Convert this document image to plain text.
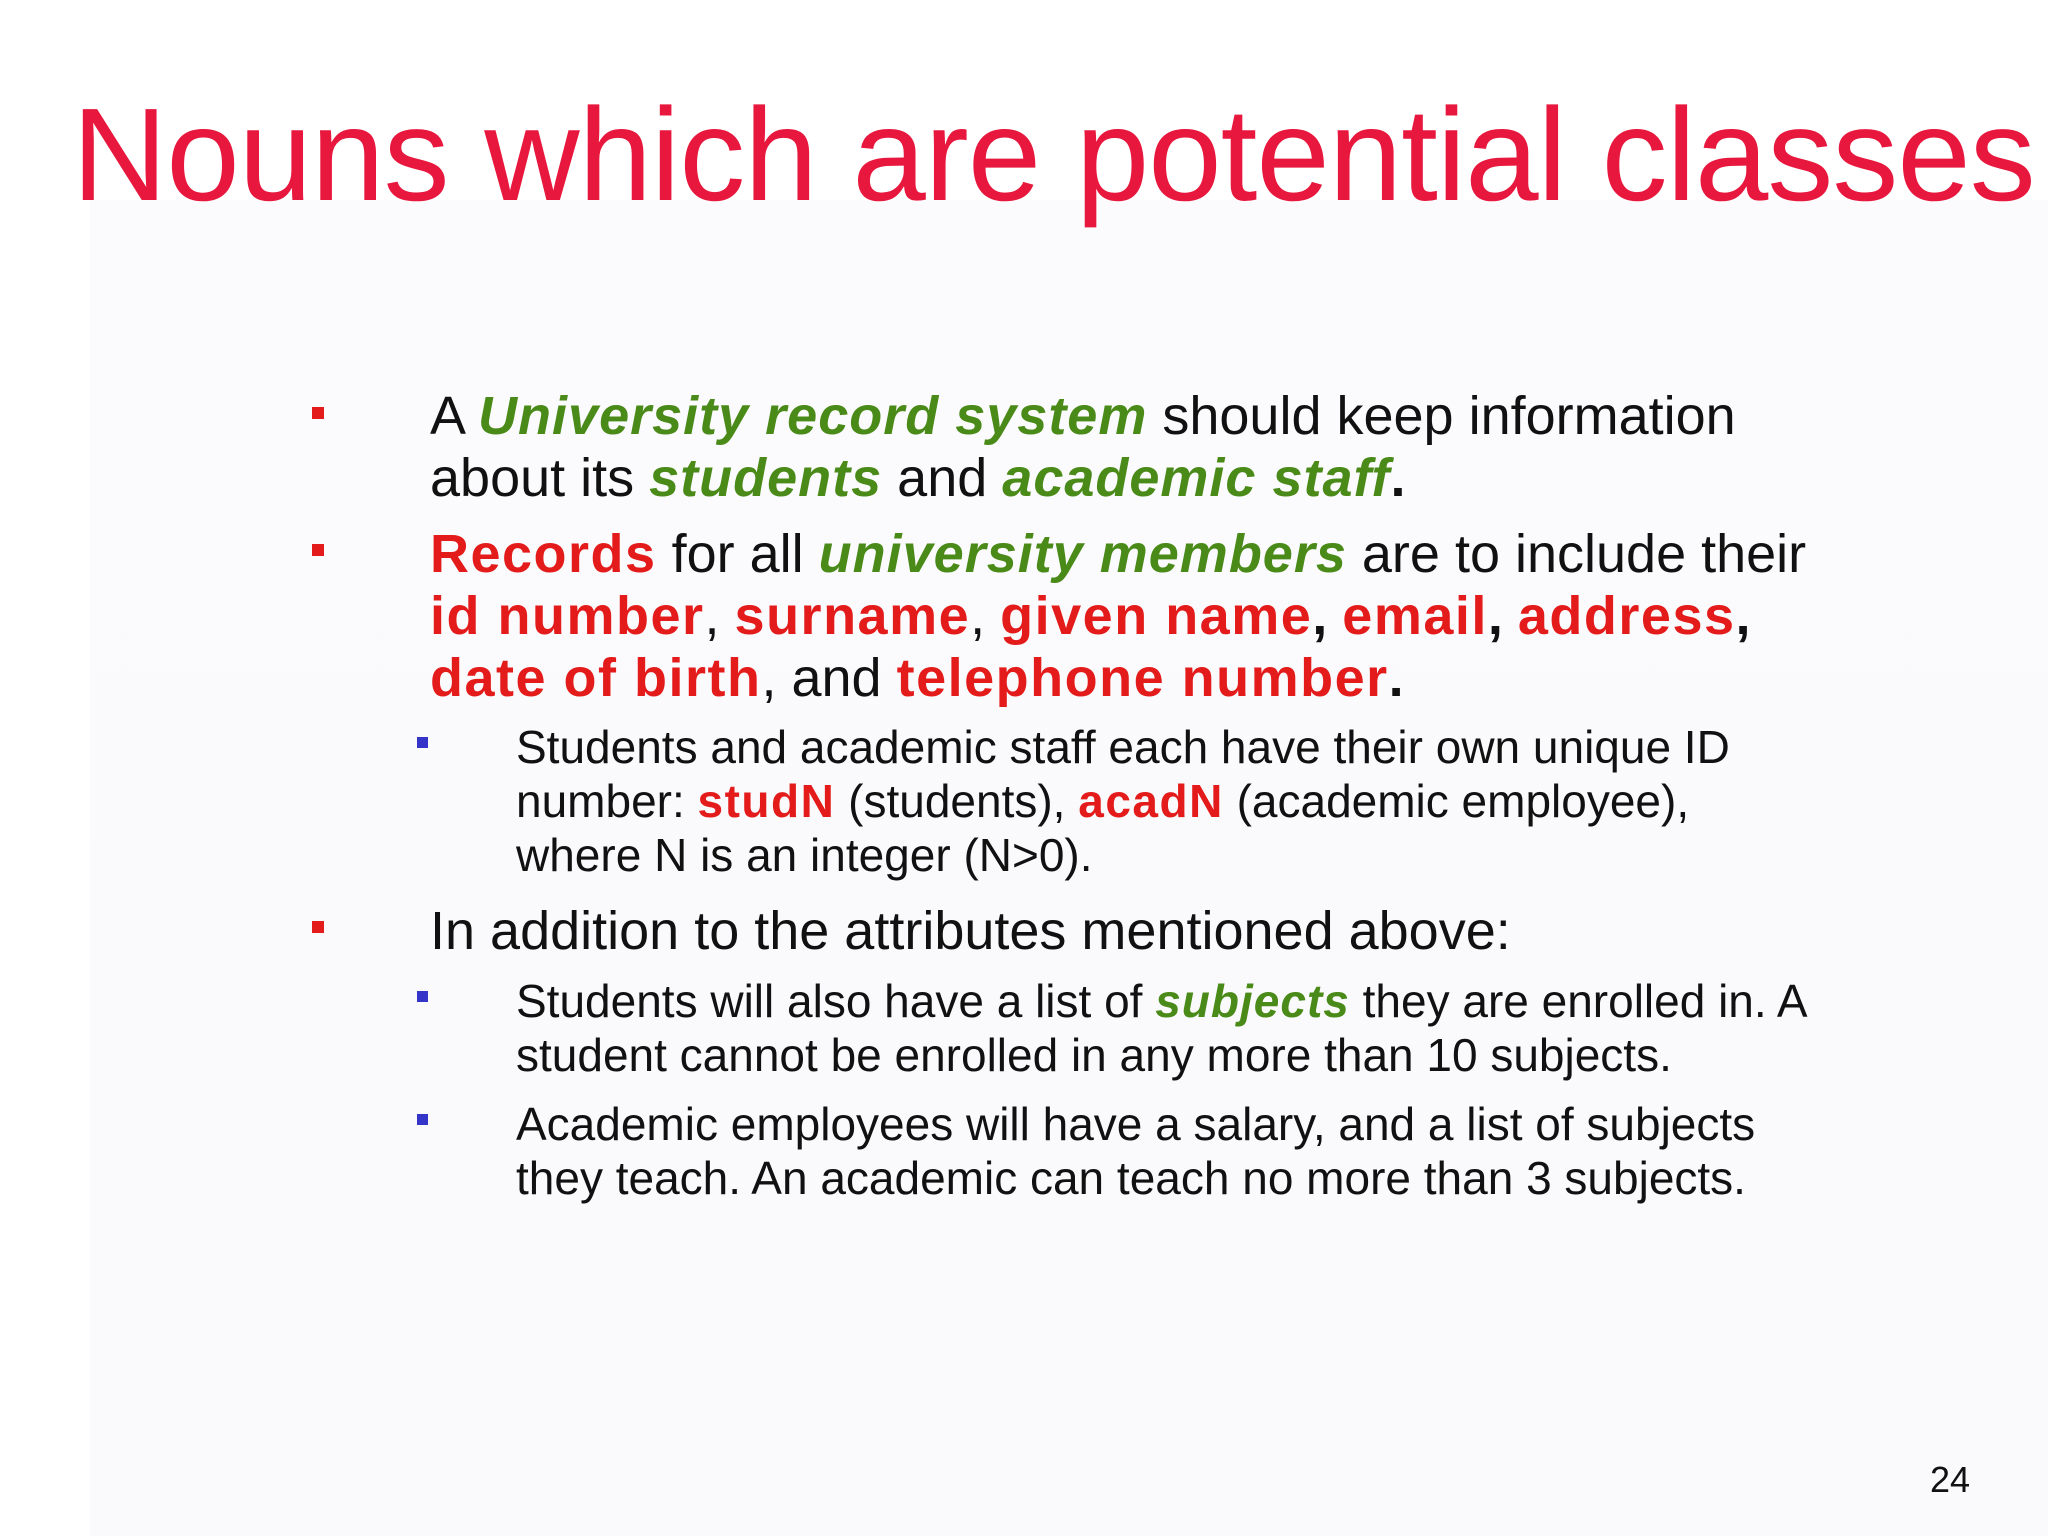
Nouns which are potential classes
A University record system should keep information
about its students and academic staff.
Records for all university members are to include their
id number, surname, given name, email, address,
date of birth, and telephone number.
Students and academic staff each have their own unique ID
number: studN (students), acadN (academic employee),
where N is an integer (N>0).
In addition to the attributes mentioned above:
Students will also have a list of subjects they are enrolled in. A
student cannot be enrolled in any more than 10 subjects.
Academic employees will have a salary, and a list of subjects
they teach. An academic can teach no more than 3 subjects.
24
